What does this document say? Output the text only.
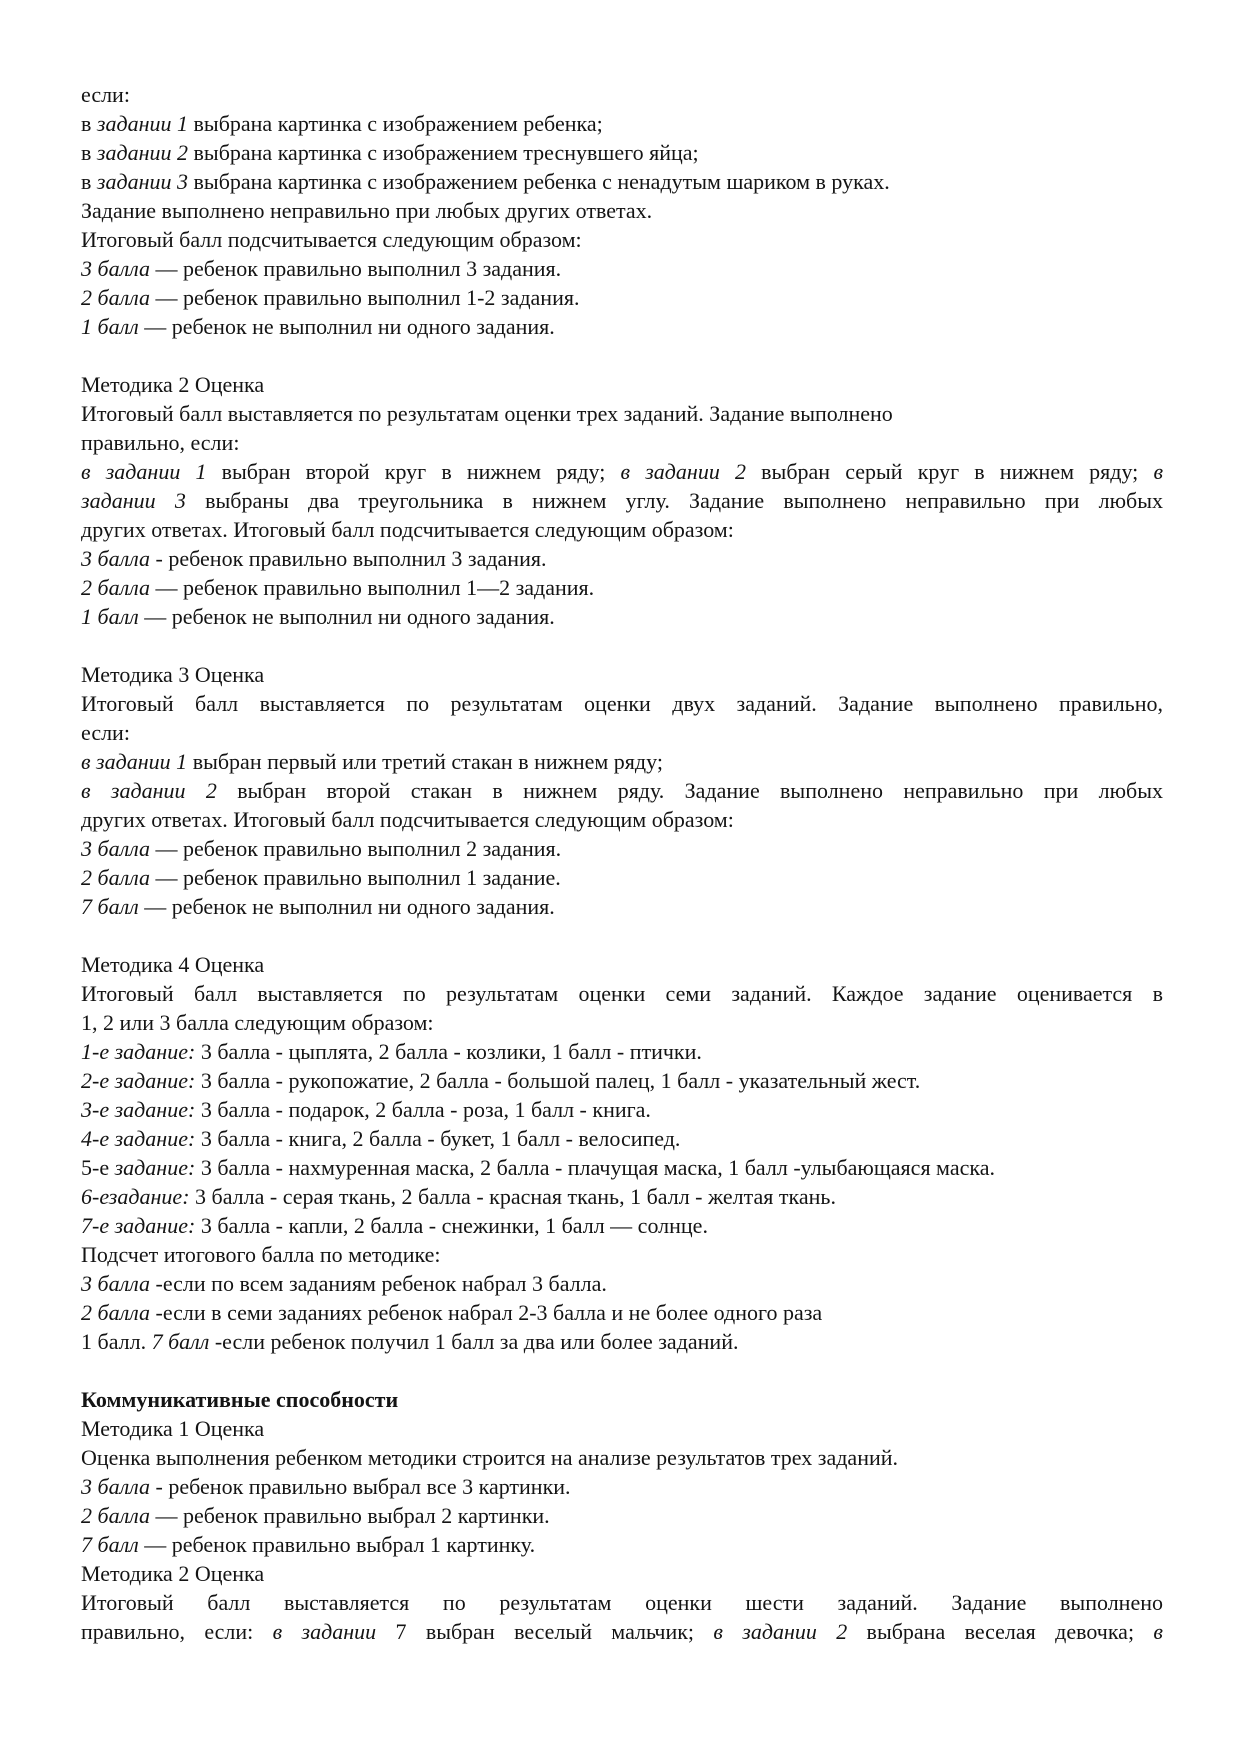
если:
в задании 1 выбрана картинка с изображением ребенка;
в задании 2 выбрана картинка с изображением треснувшего яйца;
в задании 3 выбрана картинка с изображением ребенка с ненадутым шариком в руках.
Задание выполнено неправильно при любых других ответах.
Итоговый балл подсчитывается следующим образом:
3 балла — ребенок правильно выполнил 3 задания.
2 балла — ребенок правильно выполнил 1-2 задания.
1 балл — ребенок не выполнил ни одного задания.
Методика 2 Оценка
Итоговый балл выставляется по результатам оценки трех заданий. Задание выполнено
правильно, если:
в задании 1 выбран второй круг в нижнем ряду; в задании 2 выбран серый круг в нижнем ряду; в
задании 3 выбраны два треугольника в нижнем углу. Задание выполнено неправильно при любых
других ответах. Итоговый балл подсчитывается следующим образом:
3 балла - ребенок правильно выполнил 3 задания.
2 балла — ребенок правильно выполнил 1—2 задания.
1 балл — ребенок не выполнил ни одного задания.
Методика 3 Оценка
Итоговый балл выставляется по результатам оценки двух заданий. Задание выполнено правильно,
если:
в задании 1 выбран первый или третий стакан в нижнем ряду;
в задании 2 выбран второй стакан в нижнем ряду. Задание выполнено неправильно при любых
других ответах. Итоговый балл подсчитывается следующим образом:
3 балла — ребенок правильно выполнил 2 задания.
2 балла — ребенок правильно выполнил 1 задание.
7 балл — ребенок не выполнил ни одного задания.
Методика 4 Оценка
Итоговый балл выставляется по результатам оценки семи заданий. Каждое задание оценивается в
1, 2 или 3 балла следующим образом:
1-е задание: 3 балла - цыплята, 2 балла - козлики, 1 балл - птички.
2-е задание: 3 балла - рукопожатие, 2 балла - большой палец, 1 балл - указательный жест.
3-е задание: 3 балла - подарок, 2 балла - роза, 1 балл - книга.
4-е задание: 3 балла - книга, 2 балла - букет, 1 балл - велосипед.
5-е задание: 3 балла - нахмуренная маска, 2 балла - плачущая маска, 1 балл -улыбающаяся маска.
6-езадание: 3 балла - серая ткань, 2 балла - красная ткань, 1 балл - желтая ткань.
7-е задание: 3 балла - капли, 2 балла - снежинки, 1 балл — солнце.
Подсчет итогового балла по методике:
3 балла -если по всем заданиям ребенок набрал 3 балла.
2 балла -если в семи заданиях ребенок набрал 2-3 балла и не более одного раза
1 балл. 7 балл -если ребенок получил 1 балл за два или более заданий.
Коммуникативные способности
Методика 1 Оценка
Оценка выполнения ребенком методики строится на анализе результатов трех заданий.
3 балла - ребенок правильно выбрал все 3 картинки.
2 балла — ребенок правильно выбрал 2 картинки.
7 балл — ребенок правильно выбрал 1 картинку.
Методика 2 Оценка
Итоговый балл выставляется по результатам оценки шести заданий. Задание выполнено
правильно, если: в задании 7 выбран веселый мальчик; в задании 2 выбрана веселая девочка; в
